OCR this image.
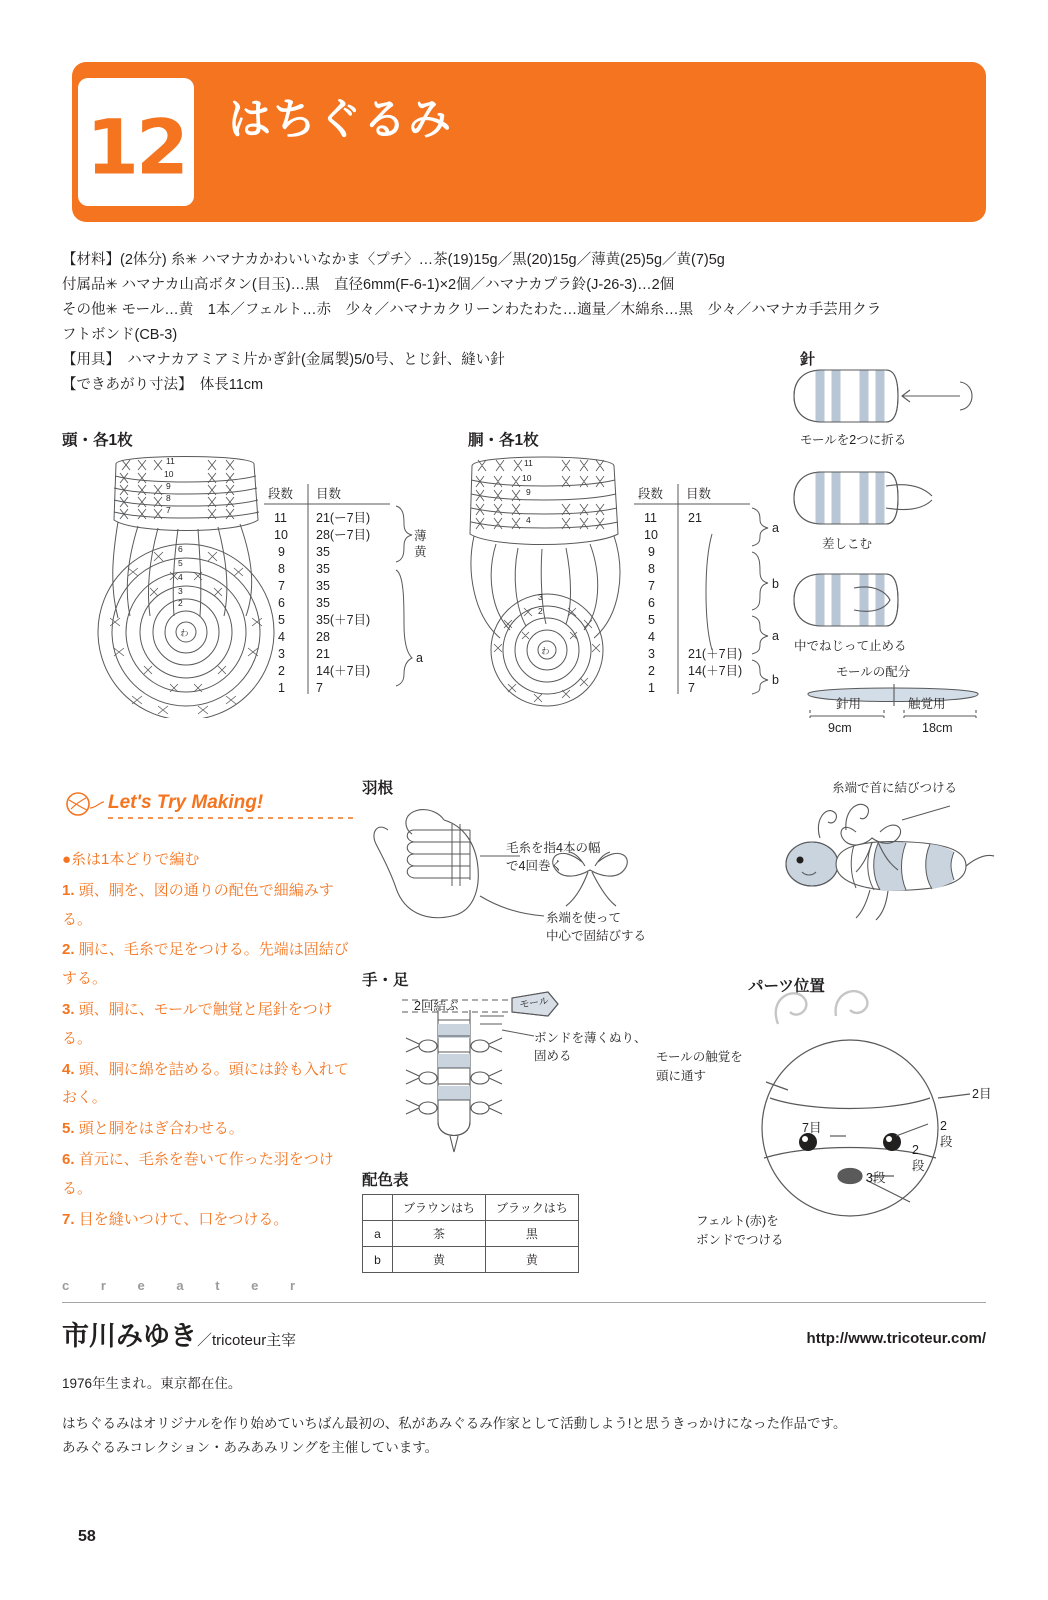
12 はちぐるみ
【材料】(2体分) 糸✳ ハマナカかわいいなかま〈プチ〉…茶(19)15g／黒(20)15g／薄黄(25)5g／黄(7)5g
付属品✳ ハマナカ山高ボタン(目玉)…黒　直径6mm(F-6-1)×2個／ハマナカプラ鈴(J-26-3)…2個
その他✳ モール…黄　1本／フェルト…赤　少々／ハマナカクリーンわたわた…適量／木綿糸…黒　少々／ハマナカ手芸用クラ
フトボンド(CB-3)
【用具】　ハマナカアミアミ片かぎ針(金属製)5/0号、とじ針、縫い針
【できあがり寸法】　体長11cm
頭・各1枚	胴・各1枚
針
羽根
手・足
配色表
パーツ位置
11
10
9
8
7
6
5
4
3
2
わ
段数 目数
薄
黄
a
11 21(ー7目)
10 28(ー7目)
9 35
8 35
7 35
6 35
5 35(＋7目)
4 28
3 21
2 14(＋7目)
1 7
11
10
9
4
3
2
わ
段数 目数
11 21
10
9
8
7
6
5
4
3	21(＋7目)
2	14(＋7目)
1	7
a
b
a
b
モールを2つに折る
差しこむ
中でねじって止める
モールの配分
9cm	18cm
針用	触覚用
Let's Try Making!
●糸は1本どりで編む
1. 頭、胴を、図の通りの配色で細編みする。
2. 胴に、毛糸で足をつける。先端は固結びする。
3. 頭、胴に、モールで触覚と尾針をつける。
4. 頭、胴に綿を詰める。頭には鈴も入れておく。
5. 頭と胴をはぎ合わせる。
6. 首元に、毛糸を巻いて作った羽をつける。
7. 目を縫いつけて、口をつける。
毛糸を指4本の幅
で4回巻く
糸端を使って
中心で固結びする
糸端で首に結びつける
ボンドを薄くぬり、
固める
モール
2回結ぶ
	ブラウンはち	ブラックはち
a	茶	黒
b	黄	黄
7目
2目
2
段
2
段
3段
モールの触覚を
頭に通す
フェルト(赤)を
ボンドでつける
c r e a t e r
市川みゆき／tricoteur主宰	http://www.tricoteur.com/
1976年生まれ。東京都在住。
はちぐるみはオリジナルを作り始めていちばん最初の、私があみぐるみ作家として活動しよう!と思うきっかけになった作品です。
あみぐるみコレクション・あみあみリングを主催しています。
58
